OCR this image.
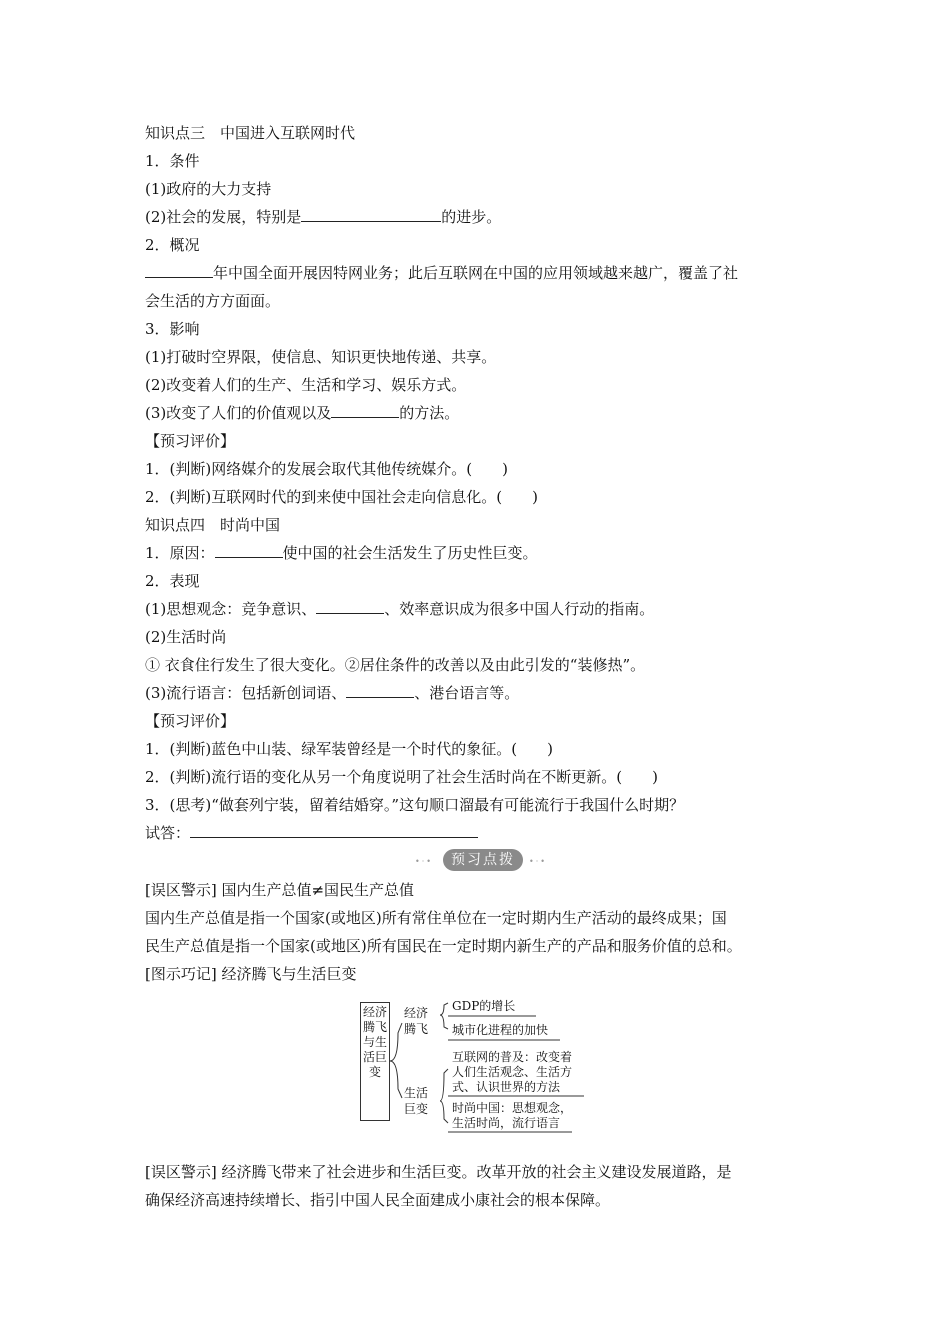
知识点三　中国进入互联网时代
1．条件
(1)政府的大力支持
(2)社会的发展，特别是	的进步。
2．概况
年中国全面开展因特网业务；此后互联网在中国的应用领域越来越广，覆盖了社
会生活的方方面面。
3．影响
(1)打破时空界限，使信息、知识更快地传递、共享。
(2)改变着人们的生产、生活和学习、娱乐方式。
(3)改变了人们的价值观以及	的方法。
【预习评价】
1．(判断)网络媒介的发展会取代其他传统媒介。(　　)
2．(判断)互联网时代的到来使中国社会走向信息化。(　　)
知识点四　时尚中国
1．原因：	使中国的社会生活发生了历史性巨变。
2．表现
(1)思想观念：竞争意识、	、效率意识成为很多中国人行动的指南。
(2)生活时尚
① 衣食住行发生了很大变化。②居住条件的改善以及由此引发的“装修热”。
(3)流行语言：包括新创词语、	、港台语言等。
【预习评价】
1．(判断)蓝色中山装、绿军装曾经是一个时代的象征。(　　)
2．(判断)流行语的变化从另一个角度说明了社会生活时尚在不断更新。(　　)
3．(思考)“做套列宁装，留着结婚穿。”这句顺口溜最有可能流行于我国什么时期？
试答：
•·•	预习点拨	•·•
[误区警示] 国内生产总值≠国民生产总值
国内生产总值是指一个国家(或地区)所有常住单位在一定时期内生产活动的最终成果；国
民生产总值是指一个国家(或地区)所有国民在一定时期内新生产的产品和服务价值的总和。
[图示巧记] 经济腾飞与生活巨变
经济腾飞与生活巨变
经济
腾飞
GDP的增长
城市化进程的加快
生活
巨变
互联网的普及：改变着
人们生活观念、生活方
式、认识世界的方法
时尚中国：思想观念，
生活时尚，流行语言
[误区警示] 经济腾飞带来了社会进步和生活巨变。改革开放的社会主义建设发展道路，是
确保经济高速持续增长、指引中国人民全面建成小康社会的根本保障。
